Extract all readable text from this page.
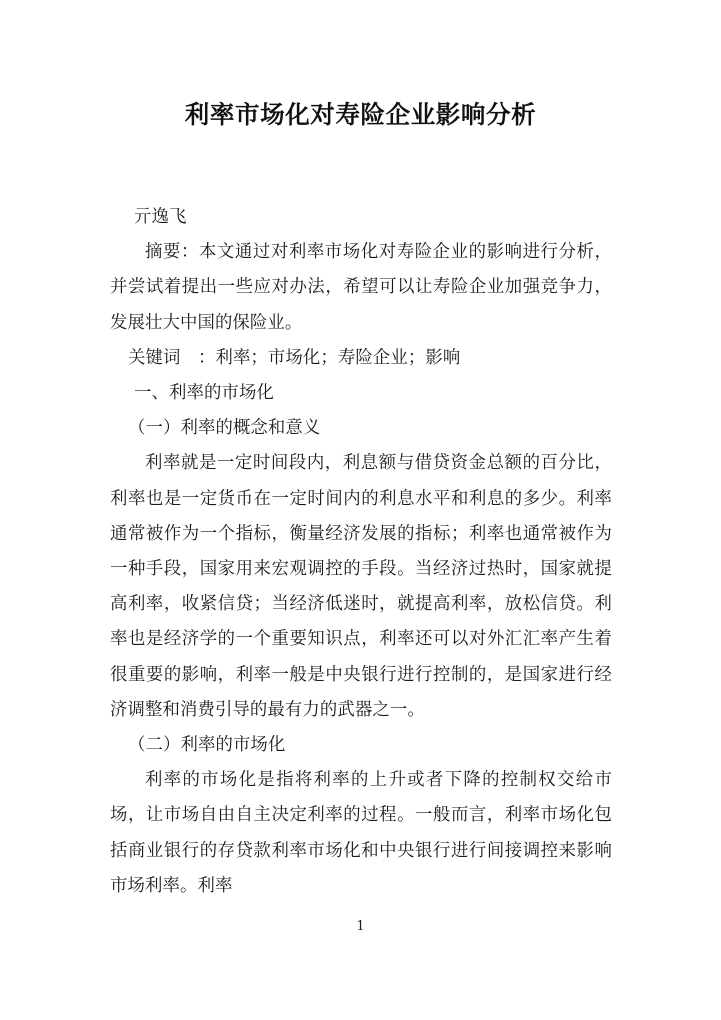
利率市场化对寿险企业影响分析

亓逸飞

摘要：本文通过对利率市场化对寿险企业的影响进行分析，并尝试着提出一些应对办法，希望可以让寿险企业加强竞争力，发展壮大中国的保险业。

关键词　：利率；市场化；寿险企业；影响

一、利率的市场化

（一）利率的概念和意义

利率就是一定时间段内，利息额与借贷资金总额的百分比，利率也是一定货币在一定时间内的利息水平和利息的多少。利率通常被作为一个指标，衡量经济发展的指标；利率也通常被作为一种手段，国家用来宏观调控的手段。当经济过热时，国家就提高利率，收紧信贷；当经济低迷时，就提高利率，放松信贷。利率也是经济学的一个重要知识点，利率还可以对外汇汇率产生着很重要的影响，利率一般是中央银行进行控制的，是国家进行经济调整和消费引导的最有力的武器之一。

（二）利率的市场化

利率的市场化是指将利率的上升或者下降的控制权交给市场，让市场自由自主决定利率的过程。一般而言，利率市场化包括商业银行的存贷款利率市场化和中央银行进行间接调控来影响市场利率。利率

1
